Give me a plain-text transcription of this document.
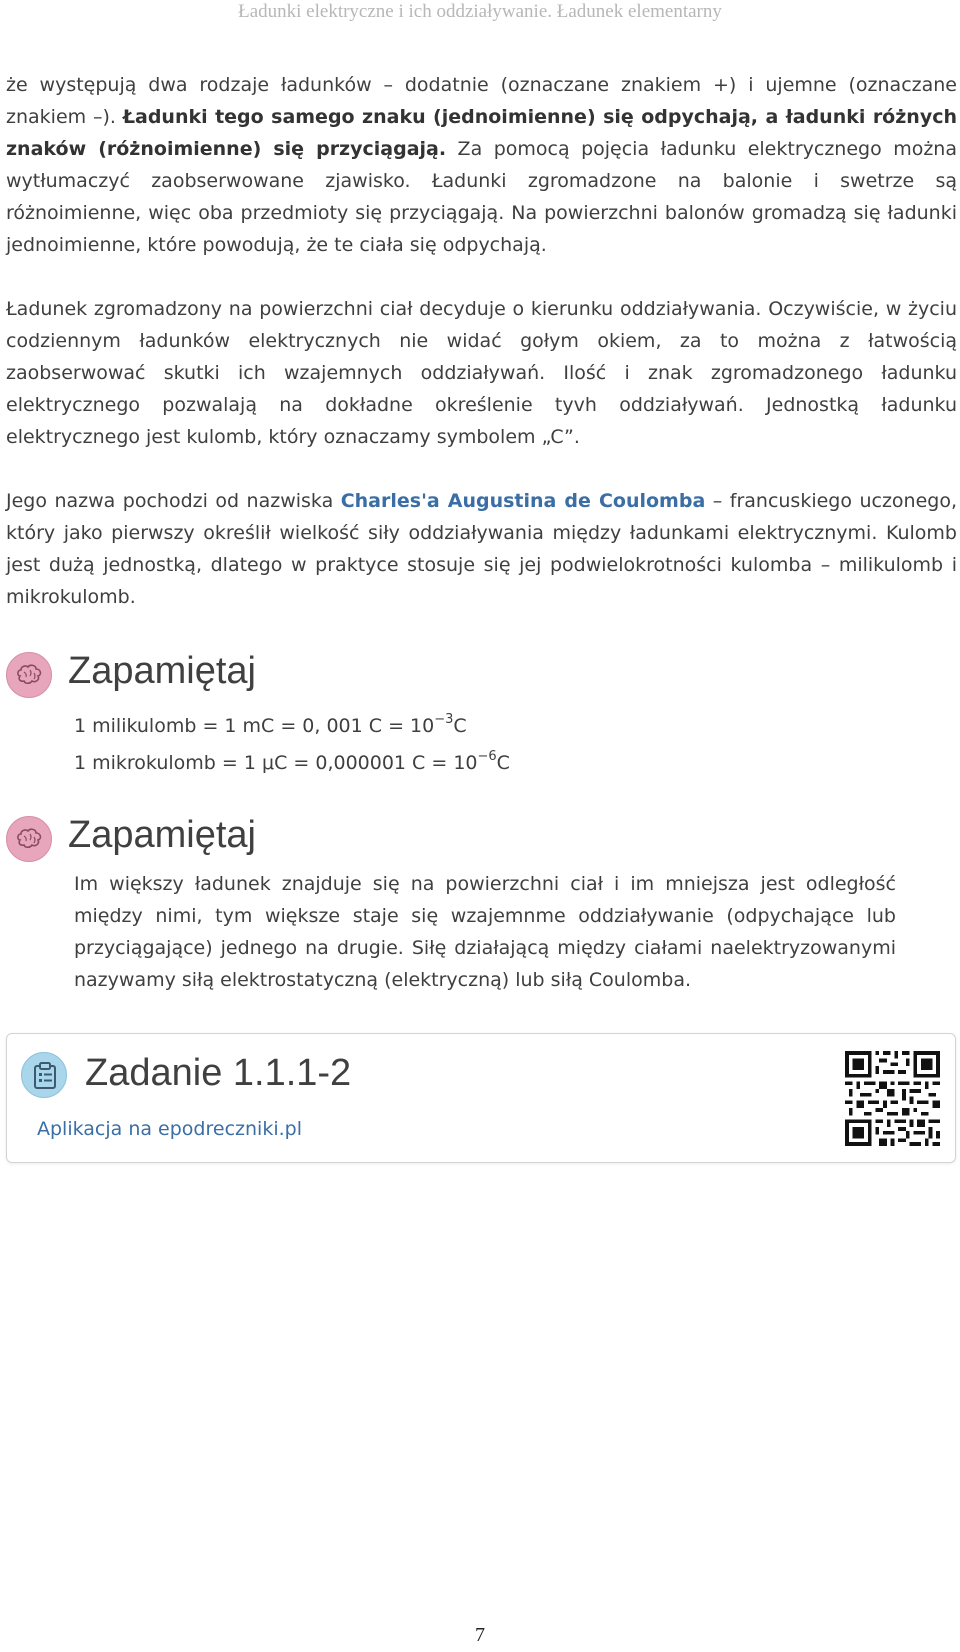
Ładunki elektryczne i ich oddziaływanie. Ładunek elementarny

że występują dwa rodzaje ładunków – dodatnie (oznaczane znakiem +) i ujemne (oznaczane znakiem –). Ładunki tego samego znaku (jednoimienne) się odpychają, a ładunki różnych znaków (różnoimienne) się przyciągają. Za pomocą pojęcia ładunku elektrycznego można wytłumaczyć zaobserwowane zjawisko. Ładunki zgromadzone na balonie i swetrze są różnoimienne, więc oba przedmioty się przyciągają. Na powierzchni balonów gromadzą się ładunki jednoimienne, które powodują, że te ciała się odpychają.

Ładunek zgromadzony na powierzchni ciał decyduje o kierunku oddziaływania. Oczywiście, w życiu codziennym ładunków elektrycznych nie widać gołym okiem, za to można z łatwością zaobserwować skutki ich wzajemnych oddziaływań. Ilość i znak zgromadzonego ładunku elektrycznego pozwalają na dokładne określenie tyvh oddziaływań. Jednostką ładunku elektrycznego jest kulomb, który oznaczamy symbolem „C”.

Jego nazwa pochodzi od nazwiska Charles'a Augustina de Coulomba – francuskiego uczonego, który jako pierwszy określił wielkość siły oddziaływania między ładunkami elektrycznymi. Kulomb jest dużą jednostką, dlatego w praktyce stosuje się jej podwielokrotności kulomba – milikulomb i mikrokulomb.

Zapamiętaj
1 milikulomb = 1 mC = 0, 001 $C = 10^{-3}C$
1 mikrokulomb = 1 μC = 0,000001 $C = 10^{-6}C$
Zapamiętaj
Im większy ładunek znajduje się na powierzchni ciał i im mniejsza jest odległość między nimi, tym większe staje się wzajemnme oddziaływanie (odpychające lub przyciągające) jednego na drugie. Siłę działającą między ciałami naelektryzowanymi nazywamy siłą elektrostatyczną (elektryczną) lub siłą Coulomba.
Zadanie 1.1.1-2
Aplikacja na epodreczniki.pl
7
